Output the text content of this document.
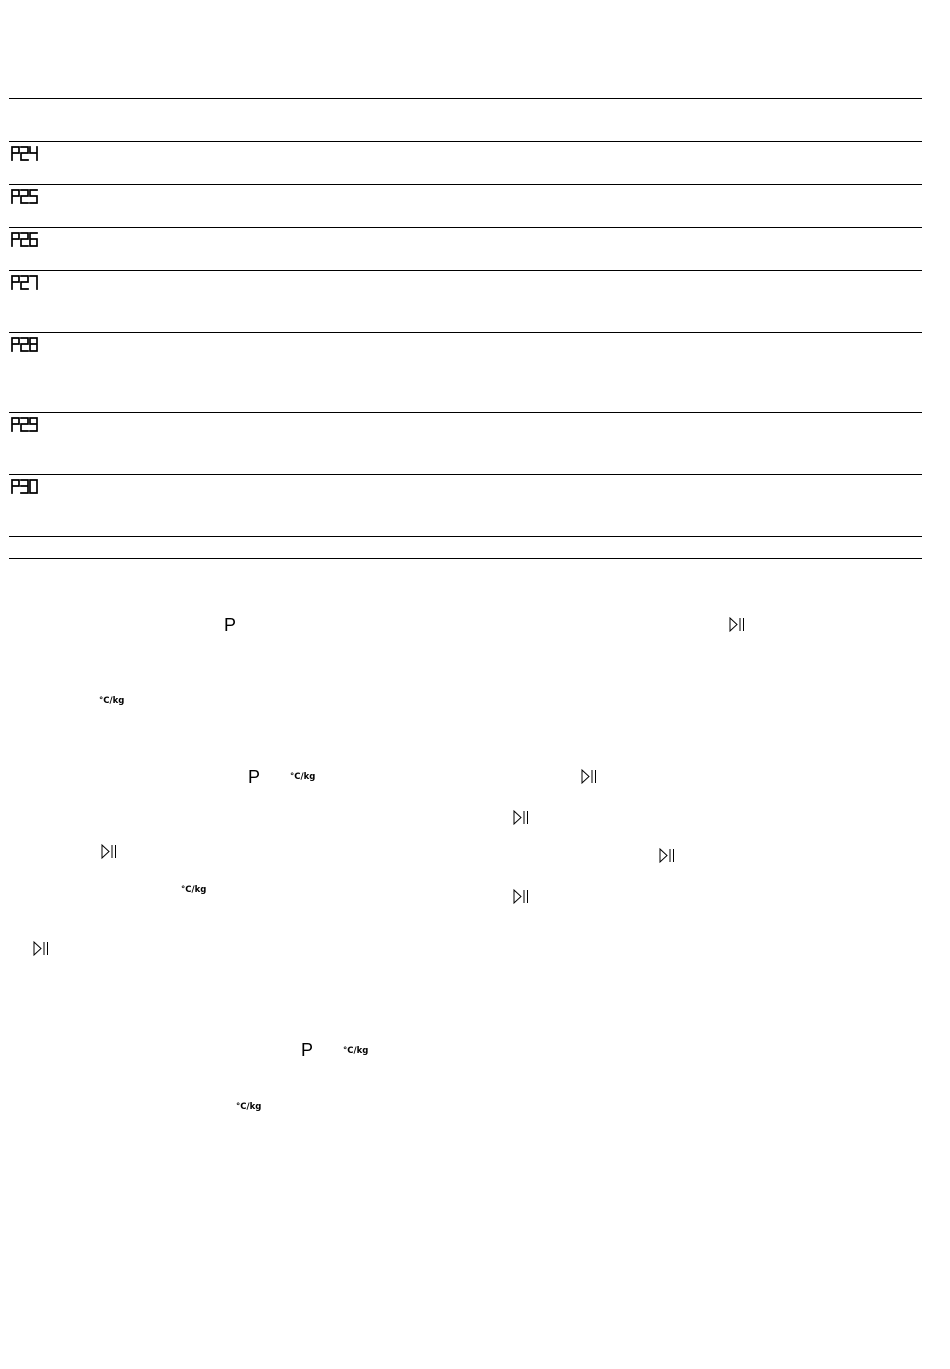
P
P
P
°C/kg
°C/kg
°C/kg
°C/kg
°C/kg
